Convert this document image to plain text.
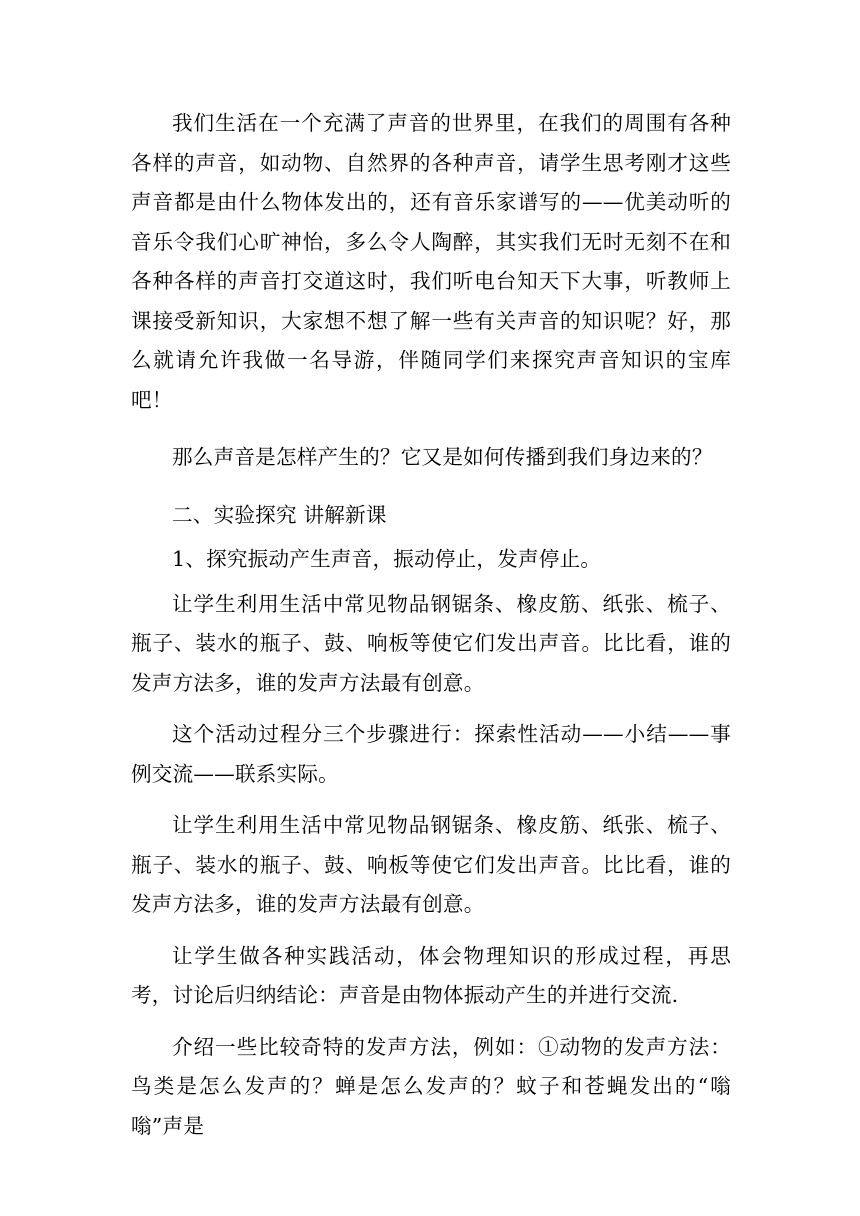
我们生活在一个充满了声音的世界里，在我们的周围有各种各样的声音，如动物、自然界的各种声音，请学生思考刚才这些声音都是由什么物体发出的，还有音乐家谱写的——优美动听的音乐令我们心旷神怡，多么令人陶醉，其实我们无时无刻不在和各种各样的声音打交道这时，我们听电台知天下大事，听教师上课接受新知识，大家想不想了解一些有关声音的知识呢？好，那么就请允许我做一名导游，伴随同学们来探究声音知识的宝库吧！

那么声音是怎样产生的？它又是如何传播到我们身边来的？

二、实验探究 讲解新课

1、探究振动产生声音，振动停止，发声停止。

让学生利用生活中常见物品钢锯条、橡皮筋、纸张、梳子、瓶子、装水的瓶子、鼓、响板等使它们发出声音。比比看，谁的发声方法多，谁的发声方法最有创意。

这个活动过程分三个步骤进行：探索性活动——小结——事例交流——联系实际。

让学生利用生活中常见物品钢锯条、橡皮筋、纸张、梳子、瓶子、装水的瓶子、鼓、响板等使它们发出声音。比比看，谁的发声方法多，谁的发声方法最有创意。

让学生做各种实践活动，体会物理知识的形成过程，再思考，讨论后归纳结论：声音是由物体振动产生的并进行交流.

介绍一些比较奇特的发声方法，例如：①动物的发声方法：鸟类是怎么发声的？蝉是怎么发声的？蚊子和苍蝇发出的“嗡嗡”声是
